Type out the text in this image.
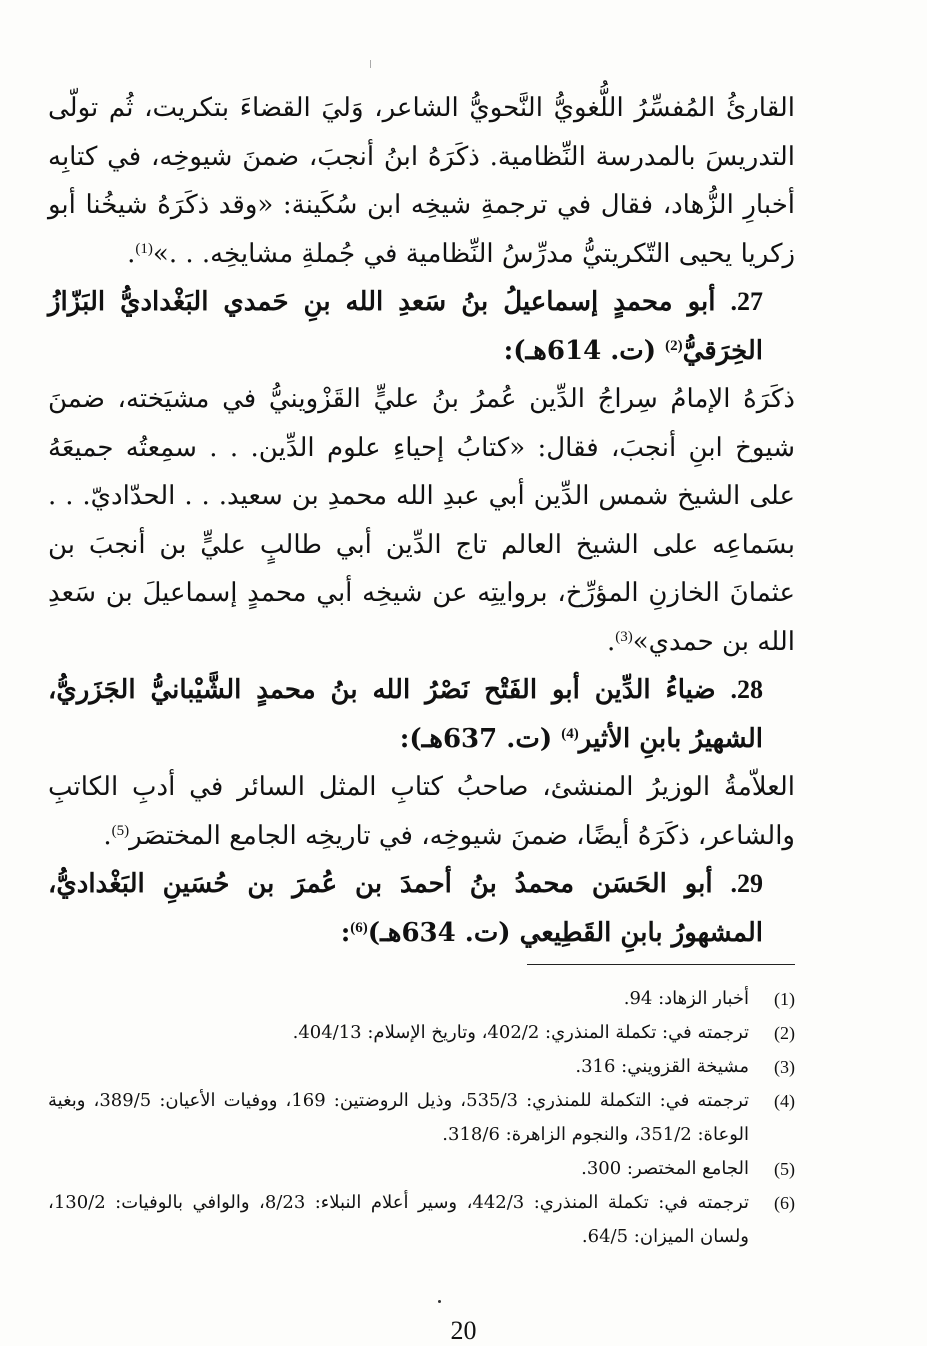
القارئُ المُفسِّرُ اللُّغويُّ النَّحويُّ الشاعر، وَليَ القضاءَ بتكريت، ثُم تولّى التدريسَ بالمدرسة النِّظامية. ذكَرَهُ ابنُ أنجبَ، ضمنَ شيوخِه، في كتابِه أخبارِ الزُّهاد، فقال في ترجمةِ شيخِه ابن سُكَينة: «وقد ذكَرَهُ شيخُنا أبو زكريا يحيى التّكريتيُّ مدرِّسُ النِّظامية في جُملةِ مشايخِه. . .»$^{(1)}$.

27. أبو محمدٍ إسماعيلُ بنُ سَعدِ الله بنِ حَمدي البَغْداديُّ البَزّازُ الخِرَقيُّ$^{(2)}$ (ت. 614هـ):

ذكَرَهُ الإمامُ سِراجُ الدِّين عُمرُ بنُ عليٍّ القَزْوينيُّ في مشيَخته، ضمنَ شيوخ ابنِ أنجبَ، فقال: «كتابُ إحياءِ علوم الدِّين. . . سمِعتُه جميعَهُ على الشيخ شمس الدِّين أبي عبدِ الله محمدِ بن سعيد. . . الحدّاديّ. . . بسَماعِه على الشيخ العالم تاج الدِّين أبي طالبٍ عليٍّ بن أنجبَ بن عثمانَ الخازنِ المؤرِّخ، بروايتِه عن شيخِه أبي محمدٍ إسماعيلَ بن سَعدِ الله بن حمدي»$^{(3)}$.

28. ضياءُ الدِّين أبو الفَتْح نَصْرُ الله بنُ محمدٍ الشَّيْبانيُّ الجَزَريُّ، الشهيرُ بابنِ الأثير$^{(4)}$ (ت. 637هـ):

العلاّمةُ الوزيرُ المنشئ، صاحبُ كتابِ المثل السائر في أدبِ الكاتبِ والشاعر، ذكَرَهُ أيضًا، ضمنَ شيوخِه، في تاريخِه الجامع المختصَر$^{(5)}$.

29. أبو الحَسَن محمدُ بنُ أحمدَ بن عُمرَ بن حُسَينِ البَغْداديُّ، المشهورُ بابنِ القَطِيعي (ت. 634هـ)$^{(6)}$:

(1)
أخبار الزهاد: 94.
(2)
ترجمته في: تكملة المنذري: 402/2، وتاريخ الإسلام: 404/13.
(3)
مشيخة القزويني: 316.
(4)
ترجمته في: التكملة للمنذري: 535/3، وذيل الروضتين: 169، ووفيات الأعيان: 389/5، وبغية الوعاة: 351/2، والنجوم الزاهرة: 318/6.
(5)
الجامع المختصر: 300.
(6)
ترجمته في: تكملة المنذري: 442/3، وسير أعلام النبلاء: 8/23، والوافي بالوفيات: 130/2، ولسان الميزان: 64/5.
20
